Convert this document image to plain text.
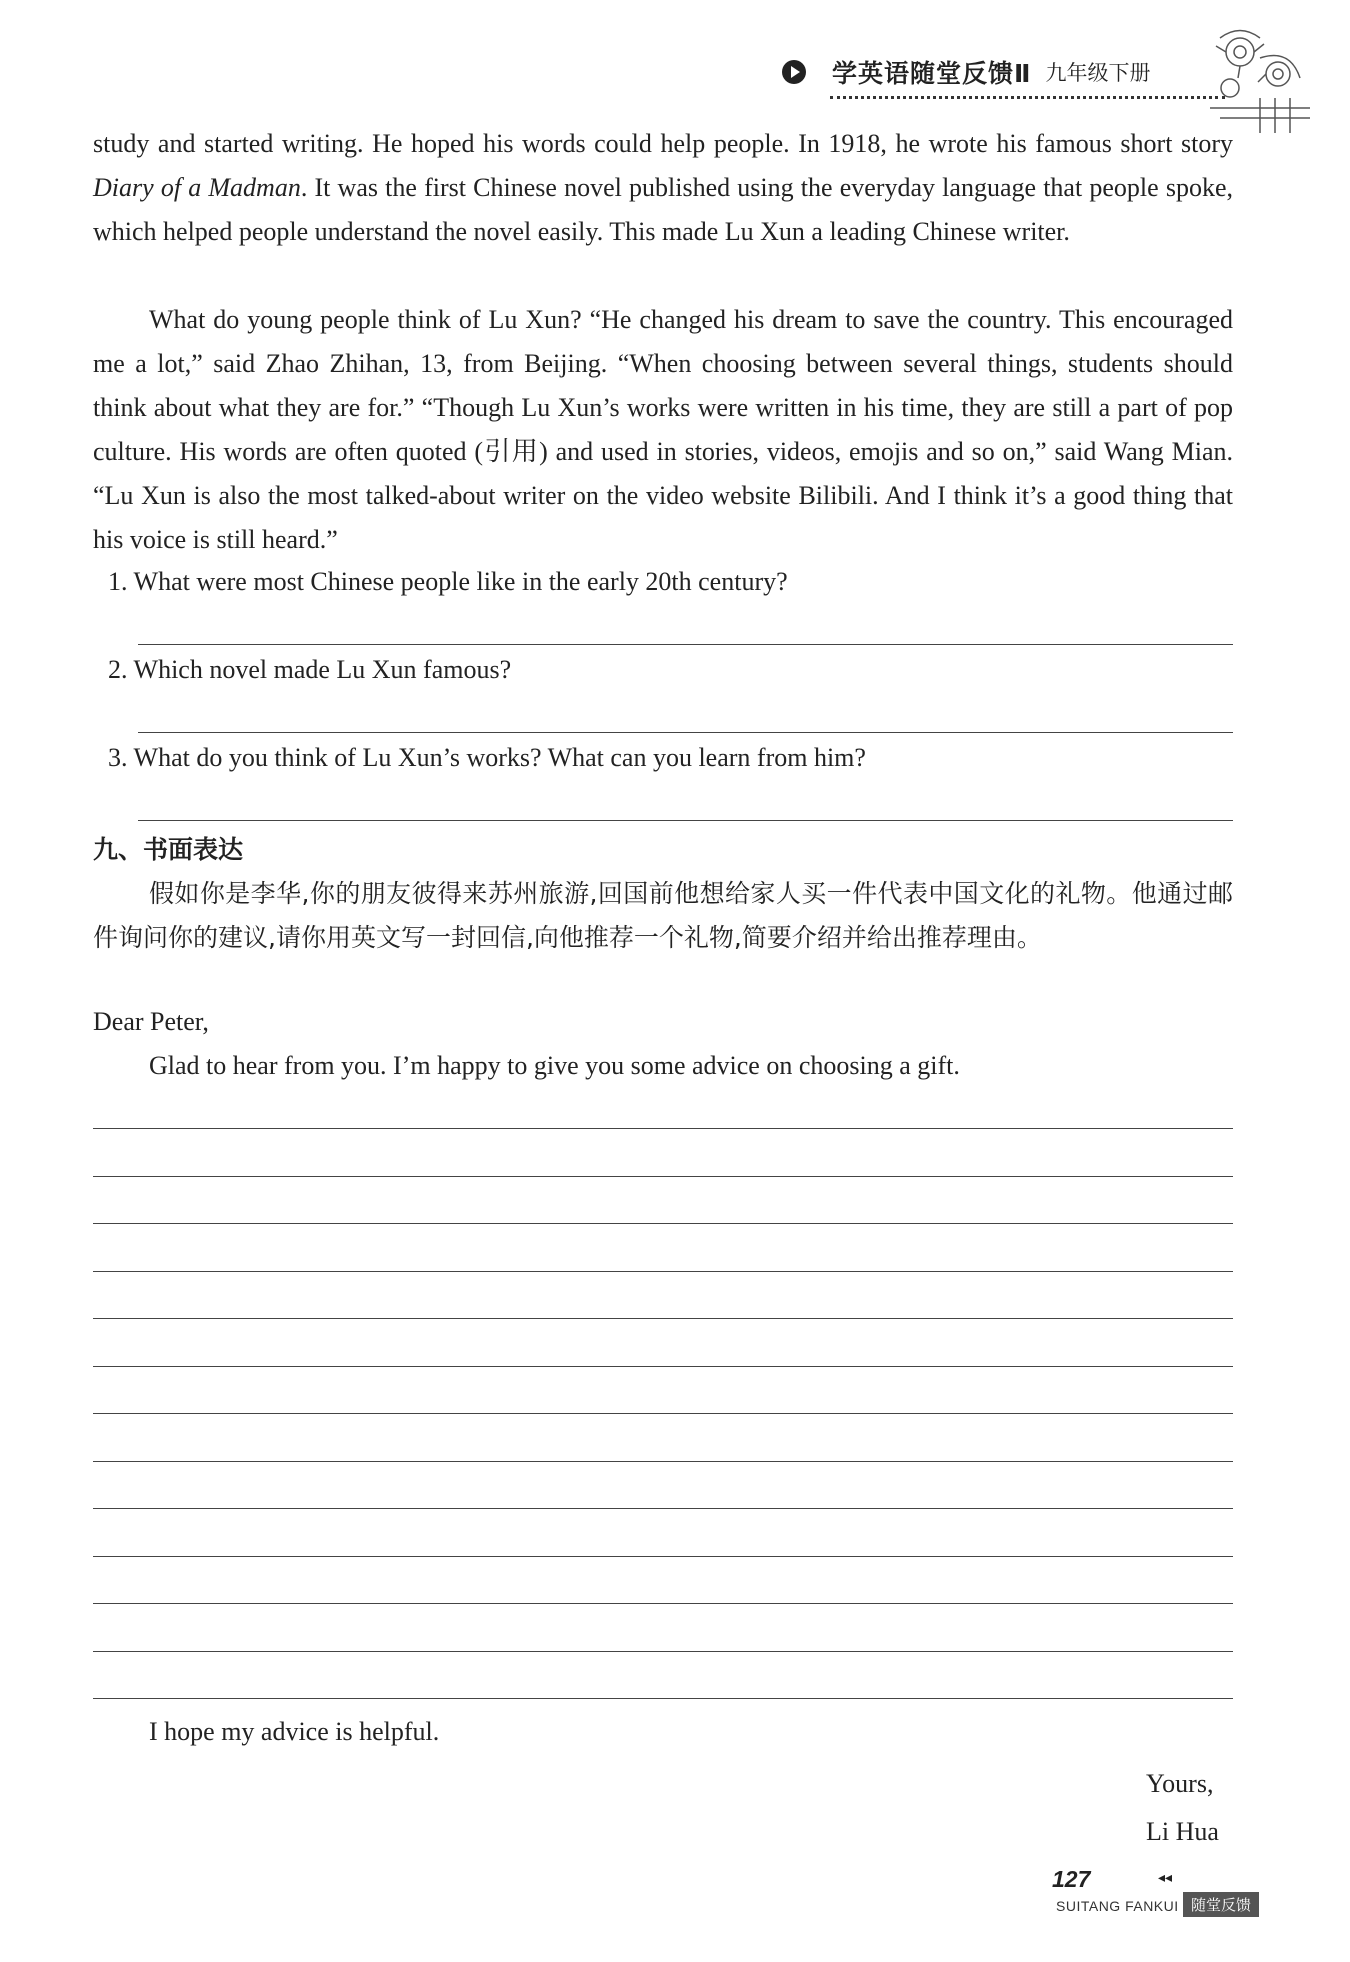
学英语随堂反馈Ⅱ 九年级下册

study and started writing. He hoped his words could help people. In 1918, he wrote his famous short story Diary of a Madman. It was the first Chinese novel published using the everyday language that people spoke, which helped people understand the novel easily. This made Lu Xun a leading Chinese writer.

What do young people think of Lu Xun? “He changed his dream to save the country. This encouraged me a lot,” said Zhao Zhihan, 13, from Beijing. “When choosing between several things, students should think about what they are for.” “Though Lu Xun’s works were written in his time, they are still a part of pop culture. His words are often quoted (引用) and used in stories, videos, emojis and so on,” said Wang Mian. “Lu Xun is also the most talked-about writer on the video website Bilibili. And I think it’s a good thing that his voice is still heard.”

1. What were most Chinese people like in the early 20th century?
2. Which novel made Lu Xun famous?
3. What do you think of Lu Xun’s works? What can you learn from him?
九、书面表达

假如你是李华,你的朋友彼得来苏州旅游,回国前他想给家人买一件代表中国文化的礼物。他通过邮件询问你的建议,请你用英文写一封回信,向他推荐一个礼物,简要介绍并给出推荐理由。

Dear Peter,
Glad to hear from you. I’m happy to give you some advice on choosing a gift.
I hope my advice is helpful.
Yours,
Li Hua
127	◂◂
SUITANG FANKUI 随堂反馈
